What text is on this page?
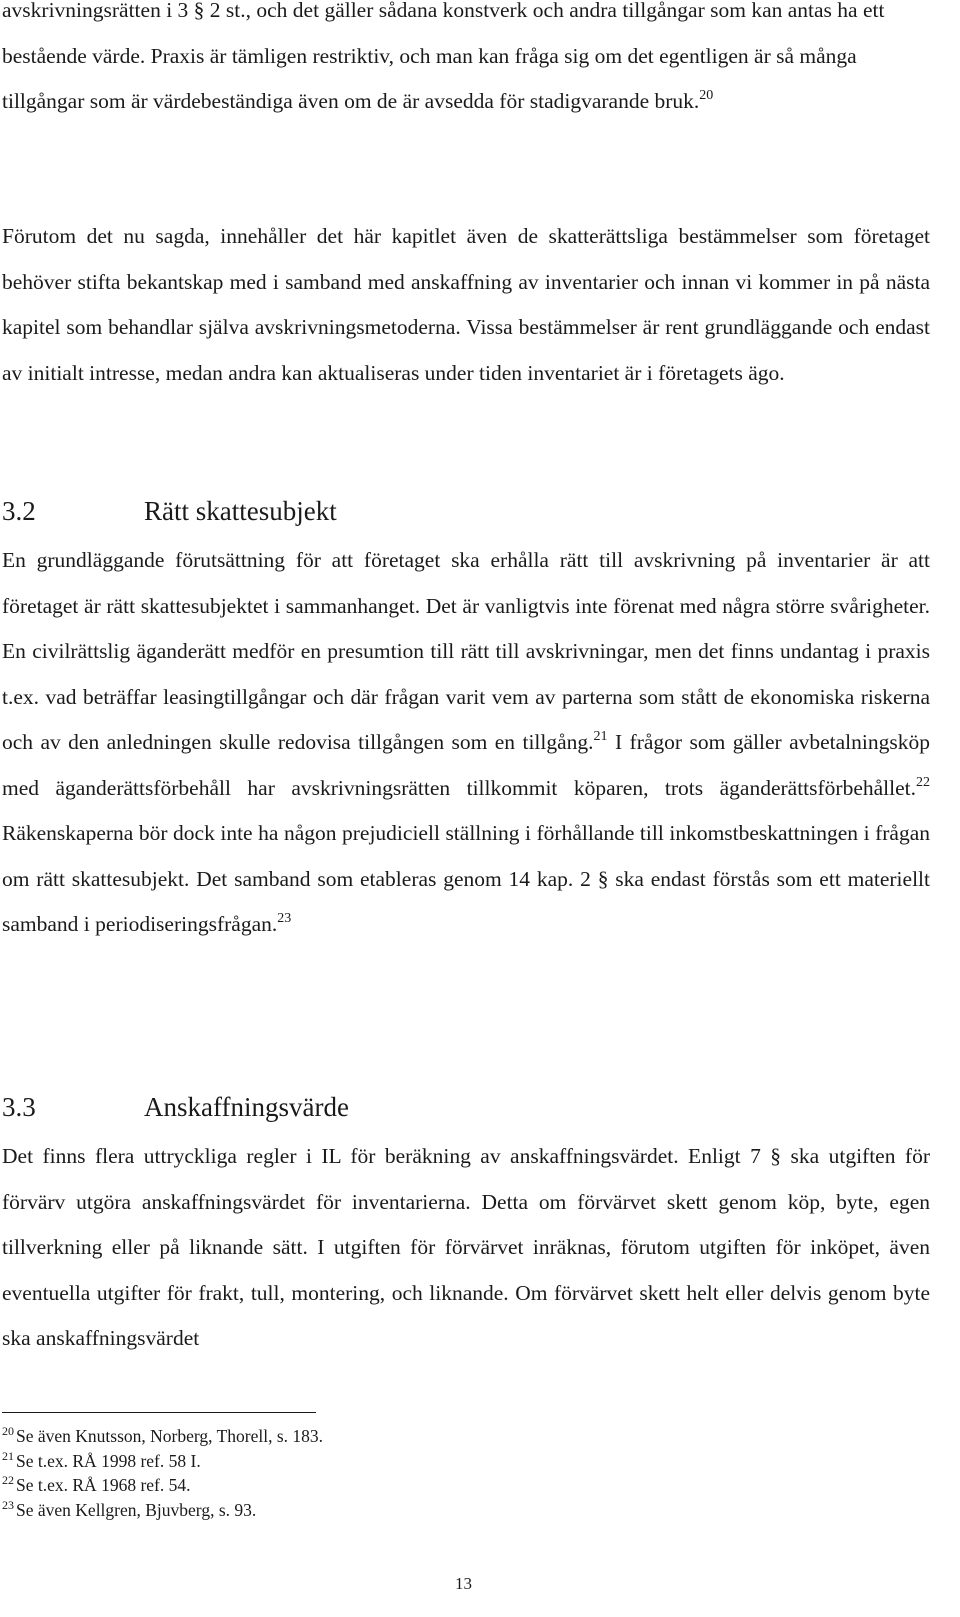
avskrivningsrätten i 3 § 2 st., och det gäller sådana konstverk och andra tillgångar som kan antas ha ett bestående värde. Praxis är tämligen restriktiv, och man kan fråga sig om det egentligen är så många tillgångar som är värdebeständiga även om de är avsedda för stadigvarande bruk.$^{20}$

Förutom det nu sagda, innehåller det här kapitlet även de skatterättsliga bestämmelser som företaget behöver stifta bekantskap med i samband med anskaffning av inventarier och innan vi kommer in på nästa kapitel som behandlar själva avskrivningsmetoderna. Vissa bestämmelser är rent grundläggande och endast av initialt intresse, medan andra kan aktualiseras under tiden inventariet är i företagets ägo.

3.2	Rätt skattesubjekt

En grundläggande förutsättning för att företaget ska erhålla rätt till avskrivning på inventarier är att företaget är rätt skattesubjektet i sammanhanget. Det är vanligtvis inte förenat med några större svårigheter. En civilrättslig äganderätt medför en presumtion till rätt till avskrivningar, men det finns undantag i praxis t.ex. vad beträffar leasingtillgångar och där frågan varit vem av parterna som stått de ekonomiska riskerna och av den anledningen skulle redovisa tillgången som en tillgång.$^{21}$ I frågor som gäller avbetalningsköp med äganderättsförbehåll har avskrivningsrätten tillkommit köparen, trots äganderättsförbehållet.$^{22}$ Räkenskaperna bör dock inte ha någon prejudiciell ställning i förhållande till inkomstbeskattningen i frågan om rätt skattesubjekt. Det samband som etableras genom 14 kap. 2 § ska endast förstås som ett materiellt samband i periodiseringsfrågan.$^{23}$

3.3	Anskaffningsvärde

Det finns flera uttryckliga regler i IL för beräkning av anskaffningsvärdet. Enligt 7 § ska utgiften för förvärv utgöra anskaffningsvärdet för inventarierna. Detta om förvärvet skett genom köp, byte, egen tillverkning eller på liknande sätt. I utgiften för förvärvet inräknas, förutom utgiften för inköpet, även eventuella utgifter för frakt, tull, montering, och liknande. Om förvärvet skett helt eller delvis genom byte ska anskaffningsvärdet

$^{20}$ Se även Knutsson, Norberg, Thorell, s. 183.
$^{21}$ Se t.ex. RÅ 1998 ref. 58 I.
$^{22}$ Se t.ex. RÅ 1968 ref. 54.
$^{23}$ Se även Kellgren, Bjuvberg, s. 93.
13
